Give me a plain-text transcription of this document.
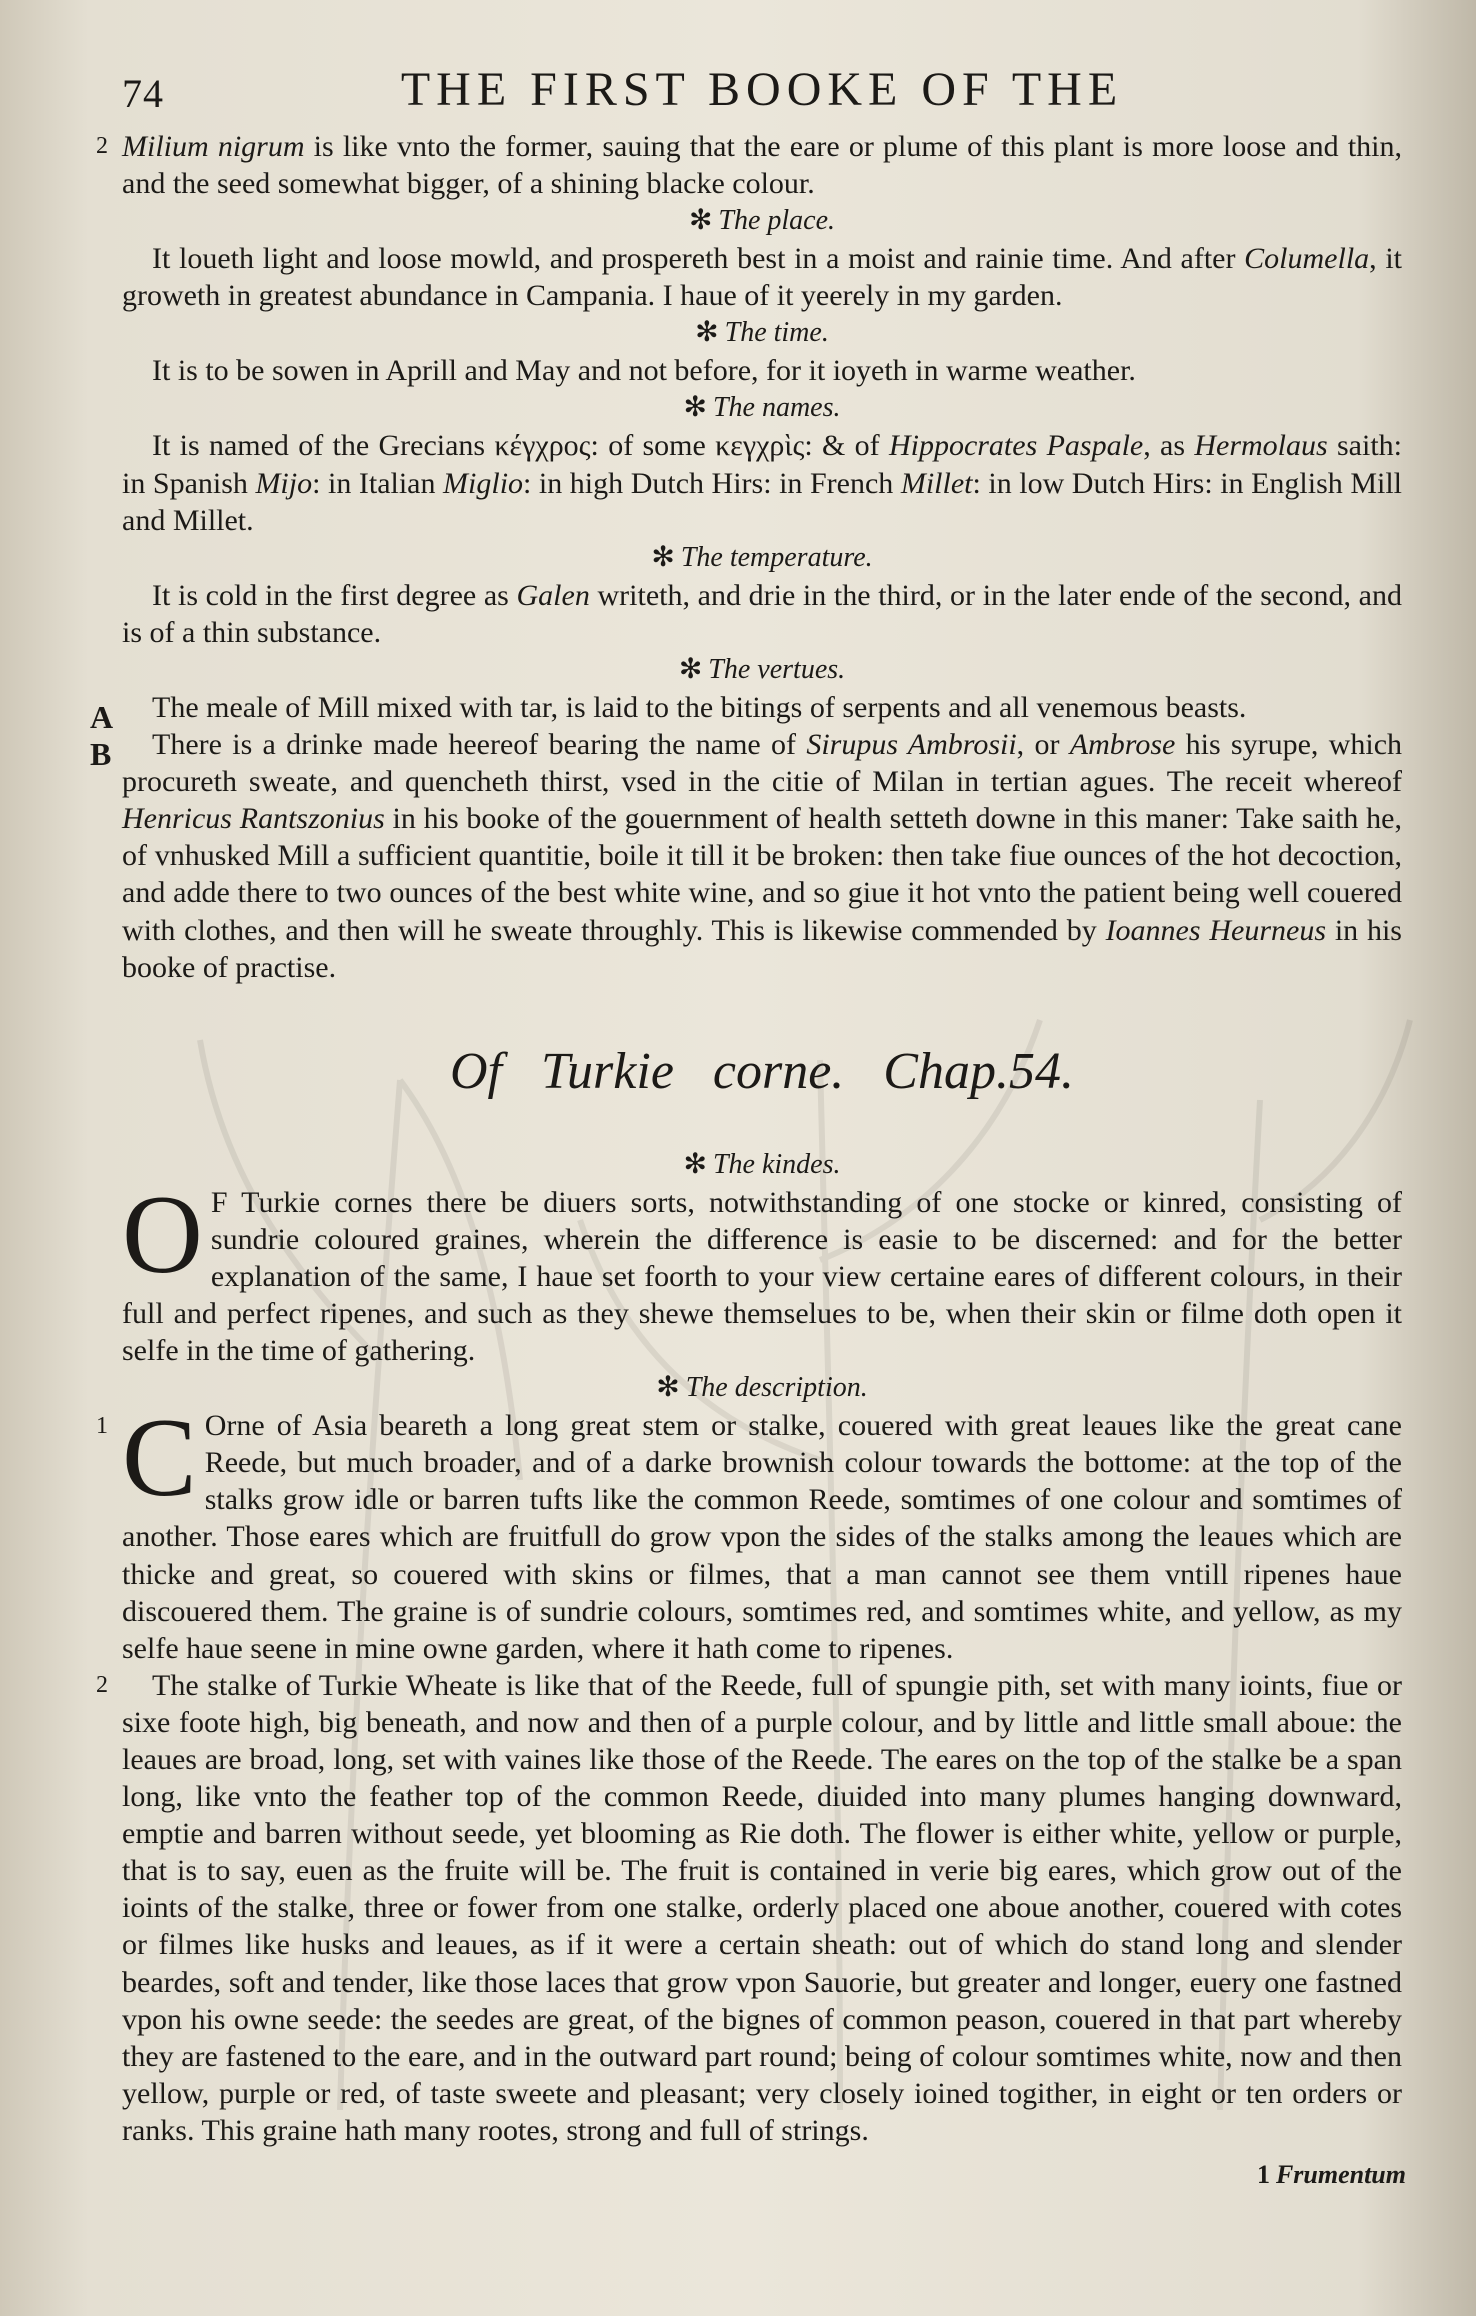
74	THE FIRST BOOKE OF THE

2 Milium nigrum is like vnto the former, sauing that the eare or plume of this plant is more loose and thin, and the seed somewhat bigger, of a shining blacke colour.

✻ The place.

 It loueth light and loose mowld, and prospereth best in a moist and rainie time. And after Columella, it groweth in greatest abundance in Campania. I haue of it yeerely in my garden.

✻ The time.

 It is to be sowen in Aprill and May and not before, for it ioyeth in warme weather.

✻ The names.

 It is named of the Grecians κέγχρος: of some κεγχρὶς: & of Hippocrates Paspale, as Hermolaus saith: in Spanish Mijo: in Italian Miglio: in high Dutch Hirs: in French Millet: in low Dutch Hirs: in English Mill and Millet.

✻ The temperature.

 It is cold in the first degree as Galen writeth, and drie in the third, or in the later ende of the second, and is of a thin substance.

✻ The vertues.

A
  The meale of Mill mixed with tar, is laid to the bitings of serpents and all venemous beasts.

B
  There is a drinke made heereof bearing the name of Sirupus Ambrosii, or Ambrose his syrupe, which procureth sweate, and quencheth thirst, vsed in the citie of Milan in tertian agues. The receit whereof Henricus Rantszonius in his booke of the gouernment of health setteth downe in this maner: Take saith he, of vnhusked Mill a sufficient quantitie, boile it till it be broken: then take fiue ounces of the hot decoction, and adde there to two ounces of the best white wine, and so giue it hot vnto the patient being well couered with clothes, and then will he sweate throughly. This is likewise commended by Ioannes Heurneus in his booke of practise.

Of Turkie corne. Chap.54.

✻ The kindes.

O F Turkie cornes there be diuers sorts, notwithstanding of one stocke or kinred, consisting of sundrie coloured graines, wherein the difference is easie to be discerned: and for the better explanation of the same, I haue set foorth to your view certaine eares of different colours, in their full and perfect ripenes, and such as they shewe themselues to be, when their skin or filme doth open it selfe in the time of gathering.

✻ The description.

1 C Orne of Asia beareth a long great stem or stalke, couered with great leaues like the great cane Reede, but much broader, and of a darke brownish colour towards the bottome: at the top of the stalks grow idle or barren tufts like the common Reede, somtimes of one colour and somtimes of another. Those eares which are fruitfull do grow vpon the sides of the stalks among the leaues which are thicke and great, so couered with skins or filmes, that a man cannot see them vntill ripenes haue discouered them. The graine is of sundrie colours, somtimes red, and somtimes white, and yellow, as my selfe haue seene in mine owne garden, where it hath come to ripenes.

2
  The stalke of Turkie Wheate is like that of the Reede, full of spungie pith, set with many ioints, fiue or sixe foote high, big beneath, and now and then of a purple colour, and by little and little small aboue: the leaues are broad, long, set with vaines like those of the Reede. The eares on the top of the stalke be a span long, like vnto the feather top of the common Reede, diuided into many plumes hanging downward, emptie and barren without seede, yet blooming as Rie doth. The flower is either white, yellow or purple, that is to say, euen as the fruite will be. The fruit is contained in verie big eares, which grow out of the ioints of the stalke, three or fower from one stalke, orderly placed one aboue another, couered with cotes or filmes like husks and leaues, as if it were a certain sheath: out of which do stand long and slender beardes, soft and tender, like those laces that grow vpon Sauorie, but greater and longer, euery one fastned vpon his owne seede: the seedes are great, of the bignes of common peason, couered in that part whereby they are fastened to the eare, and in the outward part round; being of colour somtimes white, now and then yellow, purple or red, of taste sweete and pleasant; very closely ioined togither, in eight or ten orders or ranks. This graine hath many rootes, strong and full of strings.

1 Frumentum
